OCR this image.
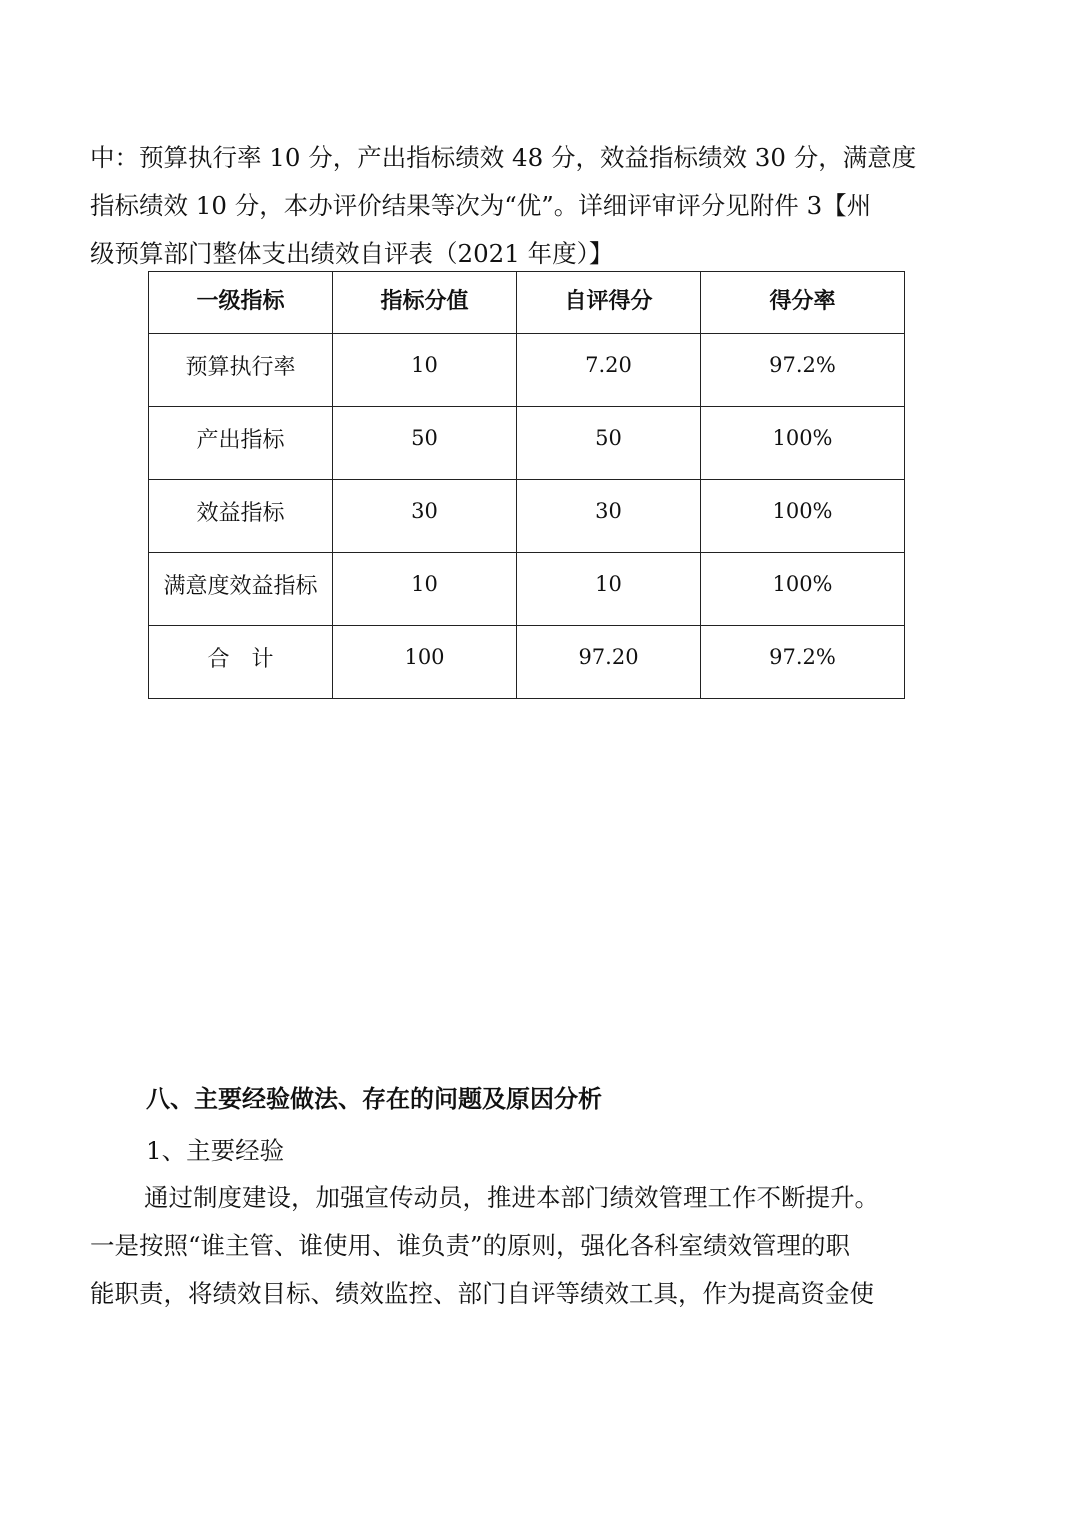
中：预算执行率 10 分，产出指标绩效 48 分，效益指标绩效 30 分，满意度
指标绩效 10 分，本办评价结果等次为“优”。详细评审评分见附件 3【州
级预算部门整体支出绩效自评表（2021 年度）】
一级指标	指标分值	自评得分	得分率
预算执行率	10	7.20	97.2%
产出指标	50	50	100%
效益指标	30	30	100%
满意度效益指标	10	10	100%
合　计	100	97.20	97.2%
八、主要经验做法、存在的问题及原因分析

1、主要经验

通过制度建设，加强宣传动员，推进本部门绩效管理工作不断提升。
一是按照“谁主管、谁使用、谁负责”的原则，强化各科室绩效管理的职
能职责，将绩效目标、绩效监控、部门自评等绩效工具，作为提高资金使
